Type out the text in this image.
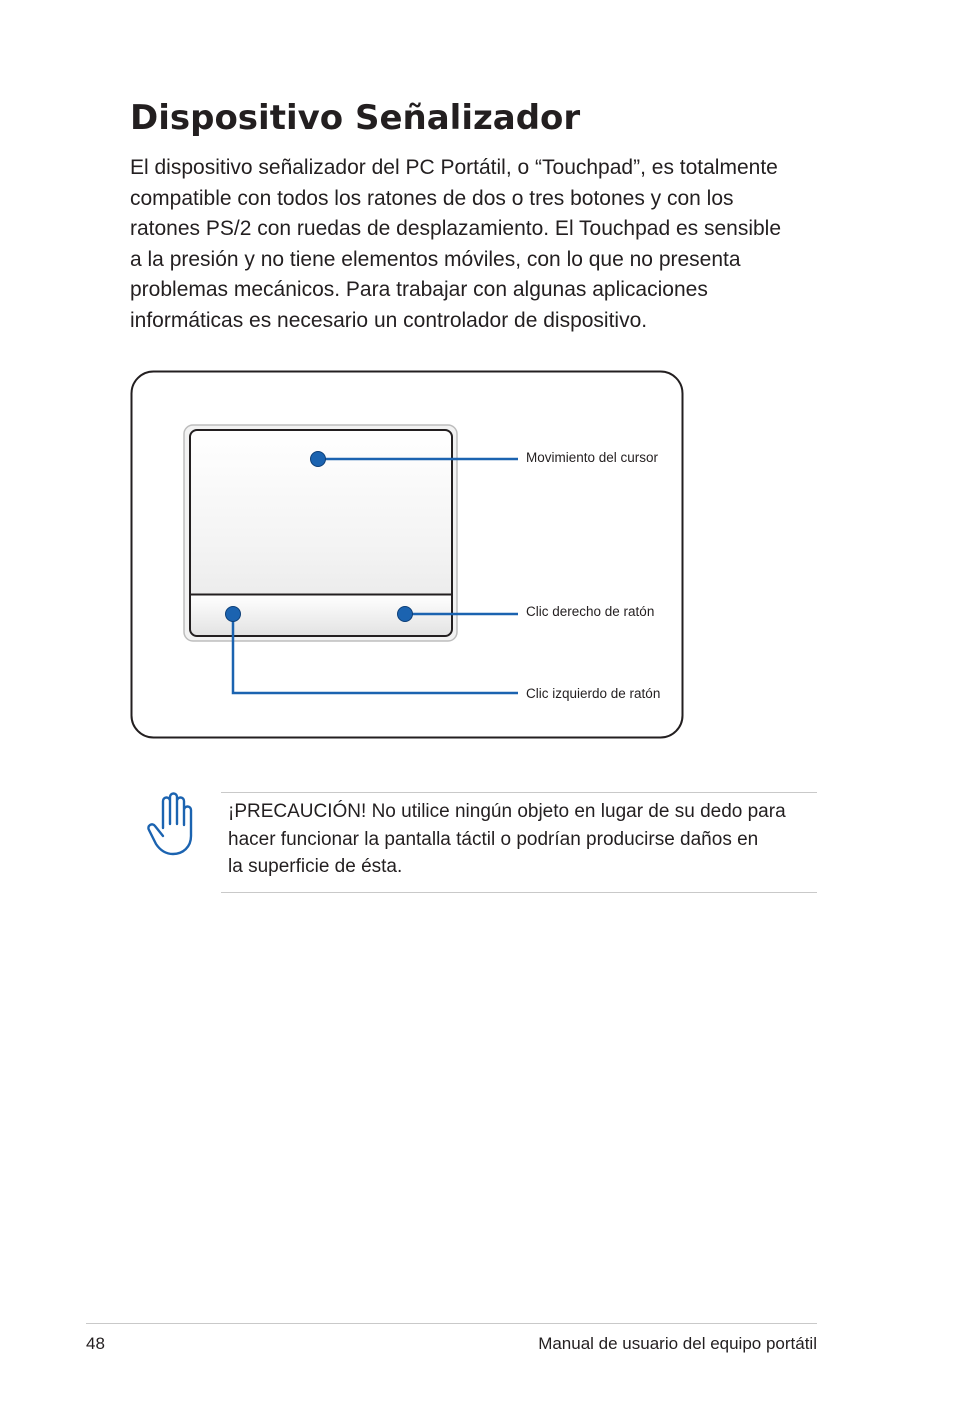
Dispositivo Señalizador
El dispositivo señalizador del PC Portátil, o “Touchpad”, es totalmente
compatible con todos los ratones de dos o tres botones y con los
ratones PS/2 con ruedas de desplazamiento. El Touchpad es sensible
a la presión y no tiene elementos móviles, con lo que no presenta
problemas mecánicos. Para trabajar con algunas aplicaciones
informáticas es necesario un controlador de dispositivo.
Movimiento del cursor
Clic derecho de ratón
Clic izquierdo de ratón
¡PRECAUCIÓN! No utilice ningún objeto en lugar de su dedo para
hacer funcionar la pantalla táctil o podrían producirse daños en
la superficie de ésta.
48	Manual de usuario del equipo portátil
